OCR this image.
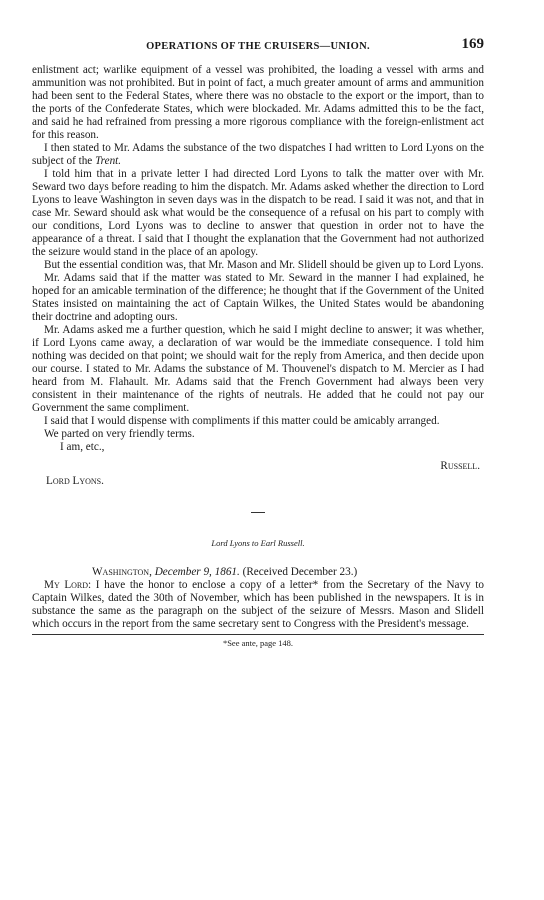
OPERATIONS OF THE CRUISERS—UNION.	169

enlistment act; warlike equipment of a vessel was prohibited, the loading a vessel with arms and ammunition was not prohibited. But in point of fact, a much greater amount of arms and ammunition had been sent to the Federal States, where there was no obstacle to the export or the import, than to the ports of the Confederate States, which were blockaded. Mr. Adams admitted this to be the fact, and said he had refrained from pressing a more rigorous compliance with the foreign-enlistment act for this reason.

I then stated to Mr. Adams the substance of the two dispatches I had written to Lord Lyons on the subject of the Trent.

I told him that in a private letter I had directed Lord Lyons to talk the matter over with Mr. Seward two days before reading to him the dispatch. Mr. Adams asked whether the direction to Lord Lyons to leave Washington in seven days was in the dispatch to be read. I said it was not, and that in case Mr. Seward should ask what would be the consequence of a refusal on his part to comply with our conditions, Lord Lyons was to decline to answer that question in order not to have the appearance of a threat. I said that I thought the explanation that the Government had not authorized the seizure would stand in the place of an apology.

But the essential condition was, that Mr. Mason and Mr. Slidell should be given up to Lord Lyons.

Mr. Adams said that if the matter was stated to Mr. Seward in the manner I had explained, he hoped for an amicable termination of the difference; he thought that if the Government of the United States insisted on maintaining the act of Captain Wilkes, the United States would be abandoning their doctrine and adopting ours.

Mr. Adams asked me a further question, which he said I might decline to answer; it was whether, if Lord Lyons came away, a declaration of war would be the immediate consequence. I told him nothing was decided on that point; we should wait for the reply from America, and then decide upon our course. I stated to Mr. Adams the substance of M. Thouvenel's dispatch to M. Mercier as I had heard from M. Flahault. Mr. Adams said that the French Government had always been very consistent in their maintenance of the rights of neutrals. He added that he could not pay our Government the same compliment.

I said that I would dispense with compliments if this matter could be amicably arranged.

We parted on very friendly terms.

I am, etc.,

Russell.
Lord Lyons.
Lord Lyons to Earl Russell.
Washington, December 9, 1861. (Received December 23.)

My Lord: I have the honor to enclose a copy of a letter* from the Secretary of the Navy to Captain Wilkes, dated the 30th of November, which has been published in the newspapers. It is in substance the same as the paragraph on the subject of the seizure of Messrs. Mason and Slidell which occurs in the report from the same secretary sent to Congress with the President's message.

*See ante, page 148.
